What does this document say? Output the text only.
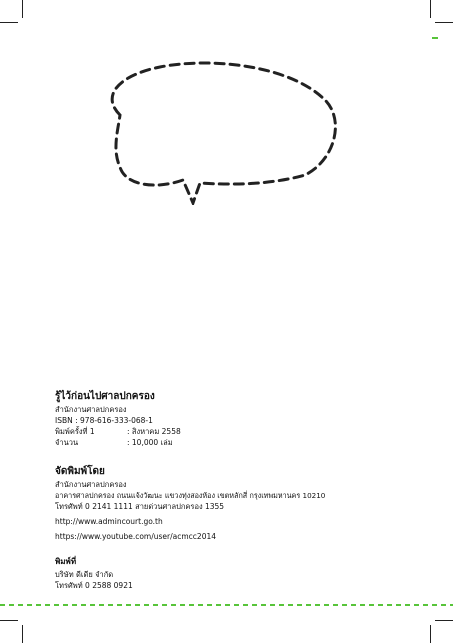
รู้ไว้ก่อนไปศาลปกครอง
สำนักงานศาลปกครอง
ISBN : 978-616-333-068-1
พิมพ์ครั้งที่ 1	: สิงหาคม 2558
จำนวน	: 10,000 เล่ม
จัดพิมพ์โดย
สำนักงานศาลปกครอง
อาคารศาลปกครอง ถนนแจ้งวัฒนะ แขวงทุ่งสองห้อง เขตหลักสี่ กรุงเทพมหานคร 10210
โทรศัพท์ 0 2141 1111 สายด่วนศาลปกครอง 1355
http://www.admincourt.go.th
https://www.youtube.com/user/acmcc2014
พิมพ์ที่
บริษัท ดีเดีย จำกัด
โทรศัพท์ 0 2588 0921
